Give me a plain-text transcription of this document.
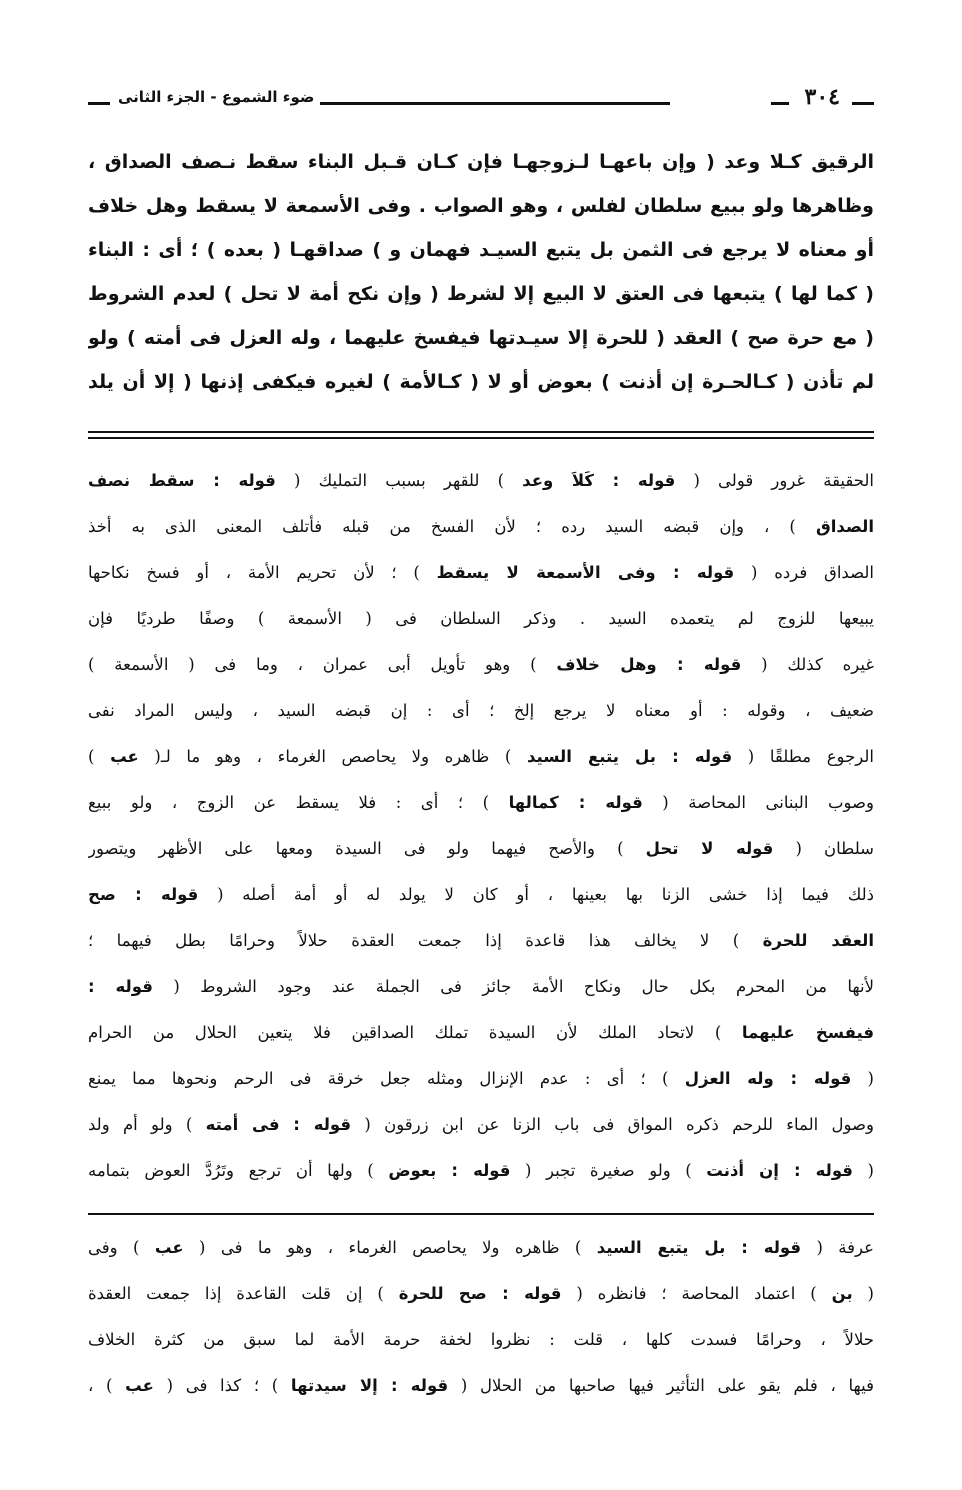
٣٠٤
ضوء الشموع - الجزء الثانى
الرقيق كـلا وعد ( وإن باعهـا لـزوجهـا فإن كـان قـبل البناء سقط نـصف الصداق ،
وظاهرها ولو ببيع سلطان لفلس ، وهو الصواب . وفى الأسمعة لا يسقط وهل خلاف
أو معناه لا يرجع فى الثمن بل يتبع السيـد فهمان و ) صداقهـا ( بعده ) ؛ أى : البناء
( كما لها ) يتبعها فى العتق لا البيع إلا لشرط ( وإن نكح أمة لا تحل ) لعدم الشروط
( مع حرة صح ) العقد ( للحرة إلا سيـدتها فيفسخ عليهما ، وله العزل فى أمته ) ولو
لم تأذن ( كـالحـرة إن أذنت ) بعوض أو لا ( كـالأمة ) لغيره فيكفى إذنها ( إلا أن يلد
الحقيقة غرور قولى ( قوله : كَلاَ وعد ) للقهر بسبب التمليك ( قوله : سقط نصف
الصداق ) ، وإن قبضه السيد رده ؛ لأن الفسخ من قبله فأتلف المعنى الذى به أخذ
الصداق فرده ( قوله : وفى الأسمعة لا يسقط ) ؛ لأن تحريم الأمة ، أو فسخ نكاحها
يبيعها للزوج لم يتعمده السيد . وذكر السلطان فى ( الأسمعة ) وصفًا طرديًا فإن
غيره كذلك ( قوله : وهل خلاف ) وهو تأويل أبى عمران ، وما فى ( الأسمعة )
ضعيف ، وقوله : أو معناه لا يرجع إلخ ؛ أى : إن قبضه السيد ، وليس المراد نفى
الرجوع مطلقًا ( قوله : بل يتبع السيد ) ظاهره ولا يحاصص الغرماء ، وهو ما لـ( عب )
وصوب البنانى المحاصة ( قوله : كمالها ) ؛ أى : فلا يسقط عن الزوج ، ولو ببيع
سلطان ( قوله لا تحل ) والأصح فيهما ولو فى السيدة ومعها على الأظهر ويتصور
ذلك فيما إذا خشى الزنا بها بعينها ، أو كان لا يولد له أو أمة أصله ( قوله : صح
العقد للحرة ) لا يخالف هذا قاعدة إذا جمعت العقدة حلالاً وحرامًا بطل فيهما ؛
لأنها من المحرم بكل حال ونكاح الأمة جائز فى الجملة عند وجود الشروط ( قوله :
فيفسخ عليهما ) لاتحاد الملك لأن السيدة تملك الصداقين فلا يتعين الحلال من الحرام
( قوله : وله العزل ) ؛ أى : عدم الإنزال ومثله جعل خرقة فى الرحم ونحوها مما يمنع
وصول الماء للرحم ذكره المواق فى باب الزنا عن ابن زرقون ( قوله : فى أمته ) ولو أم ولد
( قوله : إن أذنت ) ولو صغيرة تجبر ( قوله : بعوض ) ولها أن ترجع وتَرُدَّ العوض بتمامه
عرفة ( قوله : بل يتبع السيد ) ظاهره ولا يحاصص الغرماء ، وهو ما فى ( عب ) وفى
( بن ) اعتماد المحاصة ؛ فانظره ( قوله : صح للحرة ) إن قلت القاعدة إذا جمعت العقدة
حلالاً ، وحرامًا فسدت كلها ، قلت : نظروا لخفة حرمة الأمة لما سبق من كثرة الخلاف
فيها ، فلم يقو على التأثير فيها صاحبها من الحلال ( قوله : إلا سيدتها ) ؛ كذا فى ( عب ) ،
